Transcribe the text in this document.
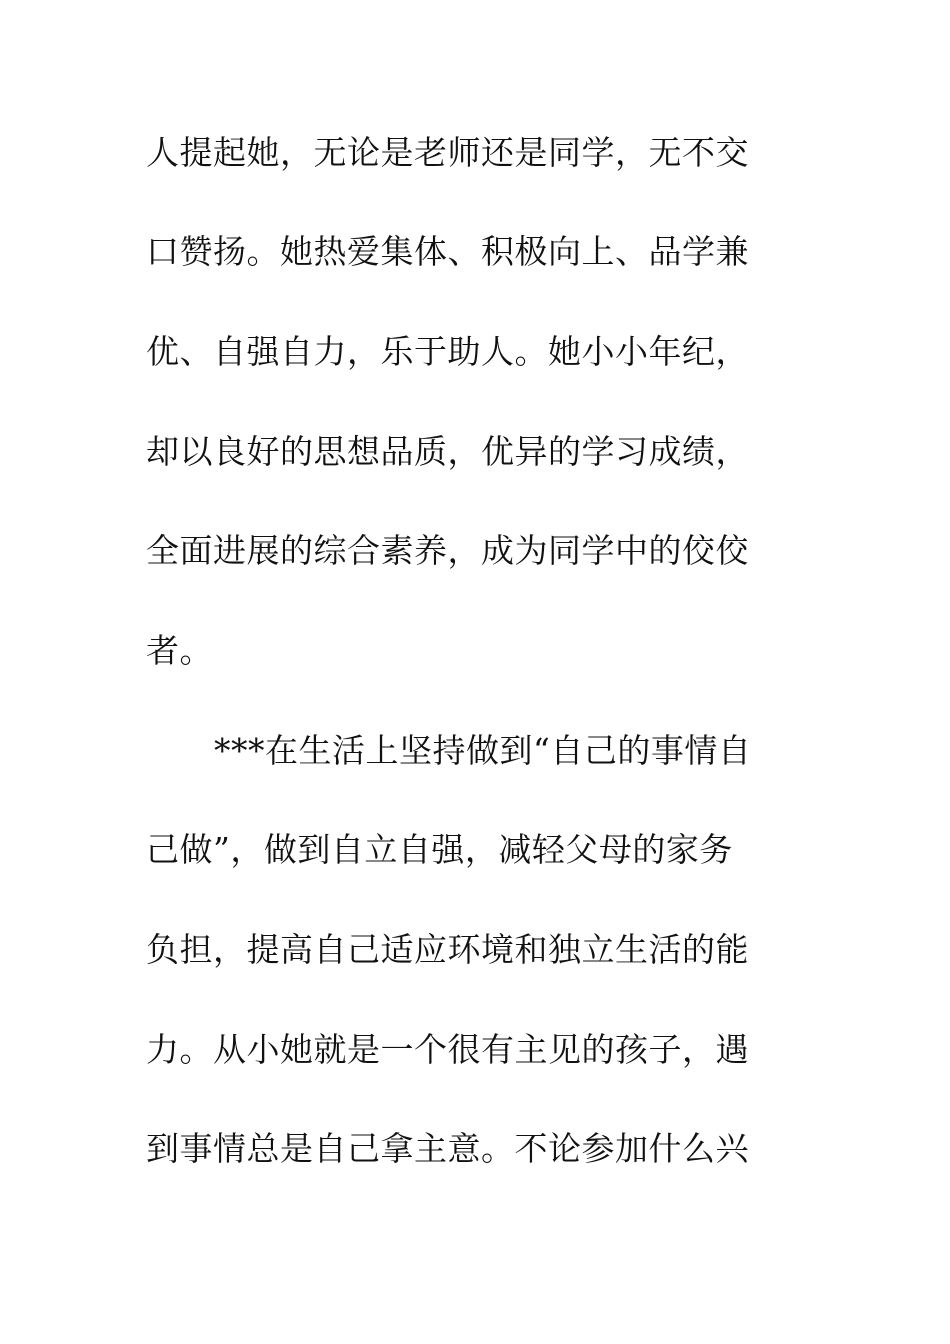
人提起她，无论是老师还是同学，无不交
口赞扬。她热爱集体、积极向上、品学兼
优、自强自力，乐于助人。她小小年纪，
却以良好的思想品质，优异的学习成绩，
全面进展的综合素养，成为同学中的佼佼
者。
***在生活上坚持做到“自己的事情自
己做”，做到自立自强，减轻父母的家务
负担，提高自己适应环境和独立生活的能
力。从小她就是一个很有主见的孩子，遇
到事情总是自己拿主意。不论参加什么兴
